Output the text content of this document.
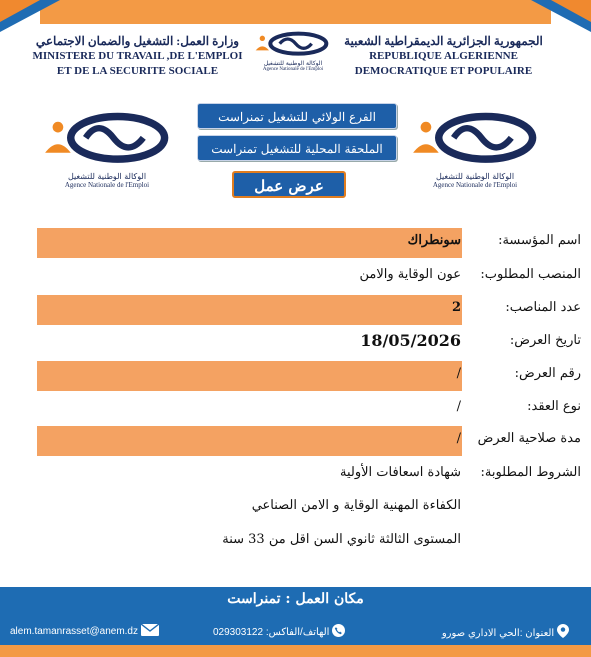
وزارة العمل: التشغيل والضمان الاجتماعي
MINISTERE DU TRAVAIL ,DE L'EMPLOI
ET DE LA SECURITE SOCIALE
الجمهورية الجزائرية الديمقراطية الشعبية
REPUBLIQUE ALGERIENNE
DEMOCRATIQUE ET POPULAIRE
الوكالة الوطنية للتشغيل
Agence Nationale de l'Emploi
الوكالة الوطنية للتشغيل
Agence Nationale de l'Emploi
الوكالة الوطنية للتشغيل
Agence Nationale de l'Emploi
الفرع الولائي للتشغيل تمنراست
الملحقة المحلية للتشغيل تمنراست
عرض عمل
اسم المؤسسة:
سونطراك
المنصب المطلوب:
عون الوقاية والامن
عدد المناصب:
2
تاريخ العرض:
18/05/2026
رقم العرض:
/
نوع العقد:
/
مدة صلاحية العرض
/
الشروط المطلوبة:
شهادة اسعافات الأولية
الكفاءة المهنية الوقاية و الامن الصناعي
المستوى الثالثة ثانوي السن اقل من 33 سنة
مكان العمل : تمنراست
العنوان :الحي الاداري صورو
الهاتف/الفاكس: 029303122
alem.tamanrasset@anem.dz
